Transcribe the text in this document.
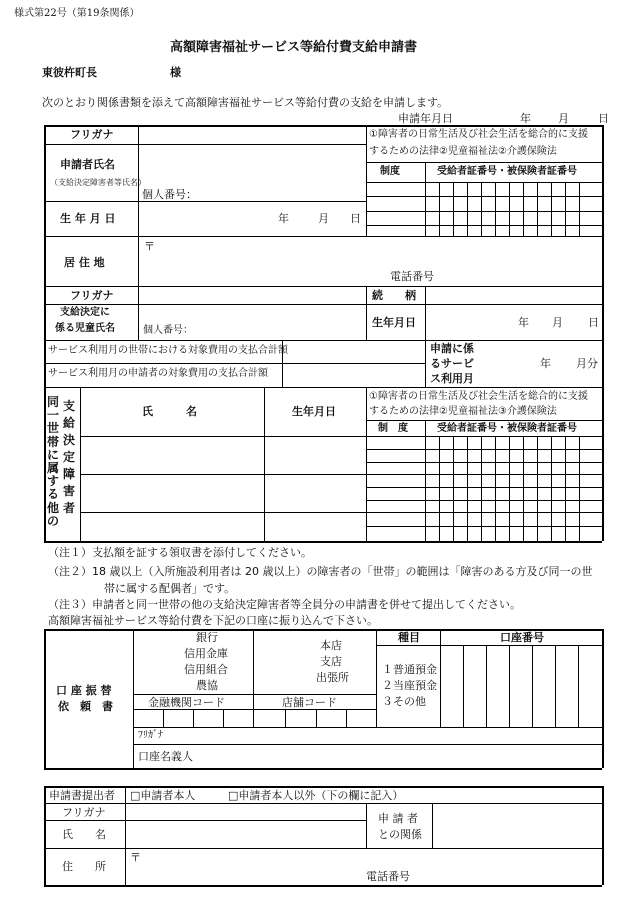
様式第22号（第19条関係）
高額障害福祉サービス等給付費支給申請書
東彼杵町長	様
次のとおり関係書類を添えて高額障害福祉サービス等給付費の支給を申請します。
申請年月日	年 月	日
フリガナ
申請者氏名
（支給決定障害者等氏名）
個人番号：
①障害者の日常生活及び社会生活を総合的に支援
するための法律②児童福祉法②介護保険法
制度	受給者証番号・被保険者証番号
生 年 月 日	年	月 日
居 住 地
〒
電話番号
フリガナ	続　　柄
支給決定に
係る児童氏名	個人番号：
生年月日	年 月 日
サービス利用月の世帯における対象費用の支払合計額
サービス利用月の申請者の対象費用の支払合計額
申請に係
るサービ
ス利用月
年 月分
同一世帯に属する他の
支給決定障害者
氏　　　名	生年月日
①障害者の日常生活及び社会生活を総合的に支援
するための法律②児童福祉法③介護保険法
制　度	受給者証番号・被保険者証番号
（注１）支払額を証する領収書を添付してください。
（注２）18 歳以上（入所施設利用者は 20 歳以上）の障害者の「世帯」の範囲は「障害のある方及び同一の世
帯に属する配偶者」です。
（注３）申請者と同一世帯の他の支給決定障害者等全員分の申請書を併せて提出してください。
高額障害福祉サービス等給付費を下記の口座に振り込んで下さい。
口 座 振 替
依　頼　書
銀行
信用金庫
信用組合
農協
金融機関コード
本店
支店
出張所
店舗コード
種目
１普通預金
２当座預金
３その他
口座番号
ﾌﾘｶﾞﾅ
口座名義人
申請書提出者 □申請者本人	□申請者本人以外（下の欄に記入）
フリガナ
氏　　名
申 請 者
との関係
住　　所
〒
電話番号
